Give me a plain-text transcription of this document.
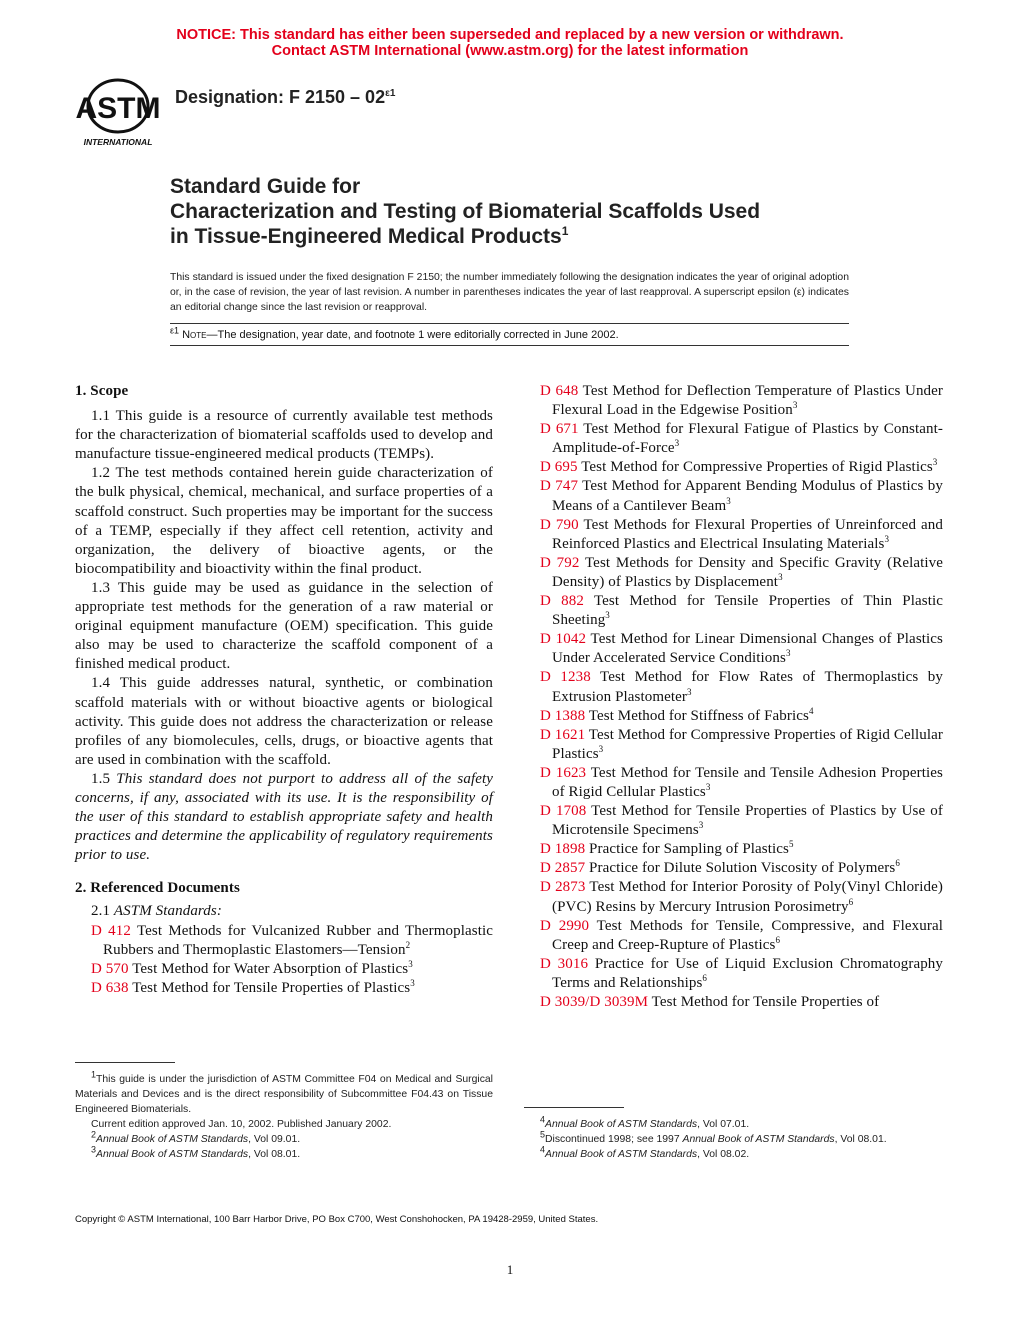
NOTICE: This standard has either been superseded and replaced by a new version or withdrawn.
Contact ASTM International (www.astm.org) for the latest information
ASTM
INTERNATIONAL
Designation: F $2150 - 02^{\varepsilon 1}$
Standard Guide for
Characterization and Testing of Biomaterial Scaffolds Used
in Tissue-Engineered Medical Products$^1$
This standard is issued under the fixed designation F 2150; the number immediately following the designation indicates the year of original adoption or, in the case of revision, the year of last revision. A number in parentheses indicates the year of last reapproval. A superscript epsilon (ε) indicates an editorial change since the last revision or reapproval.
$^{\varepsilon 1}$ Note—The designation, year date, and footnote 1 were editorially corrected in June 2002.
1. Scope

1.1 This guide is a resource of currently available test methods for the characterization of biomaterial scaffolds used to develop and manufacture tissue-engineered medical products (TEMPs).

1.2 The test methods contained herein guide characterization of the bulk physical, chemical, mechanical, and surface properties of a scaffold construct. Such properties may be important for the success of a TEMP, especially if they affect cell retention, activity and organization, the delivery of bioactive agents, or the biocompatibility and bioactivity within the final product.

1.3 This guide may be used as guidance in the selection of appropriate test methods for the generation of a raw material or original equipment manufacture (OEM) specification. This guide also may be used to characterize the scaffold component of a finished medical product.

1.4 This guide addresses natural, synthetic, or combination scaffold materials with or without bioactive agents or biological activity. This guide does not address the characterization or release profiles of any biomolecules, cells, drugs, or bioactive agents that are used in combination with the scaffold.

1.5 This standard does not purport to address all of the safety concerns, if any, associated with its use. It is the responsibility of the user of this standard to establish appropriate safety and health practices and determine the applicability of regulatory requirements prior to use.

2. Referenced Documents

2.1 ASTM Standards:

D 412 Test Methods for Vulcanized Rubber and Thermoplastic Rubbers and Thermoplastic Elastomers—Tension$^2$

D 570 Test Method for Water Absorption of Plastics$^3$

D 638 Test Method for Tensile Properties of Plastics$^3$

D 648 Test Method for Deflection Temperature of Plastics Under Flexural Load in the Edgewise Position$^3$

D 671 Test Method for Flexural Fatigue of Plastics by Constant-Amplitude-of-Force$^3$

D 695 Test Method for Compressive Properties of Rigid Plastics$^3$

D 747 Test Method for Apparent Bending Modulus of Plastics by Means of a Cantilever Beam$^3$

D 790 Test Methods for Flexural Properties of Unreinforced and Reinforced Plastics and Electrical Insulating Materials$^3$

D 792 Test Methods for Density and Specific Gravity (Relative Density) of Plastics by Displacement$^3$

D 882 Test Method for Tensile Properties of Thin Plastic Sheeting$^3$

D 1042 Test Method for Linear Dimensional Changes of Plastics Under Accelerated Service Conditions$^3$

D 1238 Test Method for Flow Rates of Thermoplastics by Extrusion Plastometer$^3$

D 1388 Test Method for Stiffness of Fabrics$^4$

D 1621 Test Method for Compressive Properties of Rigid Cellular Plastics$^3$

D 1623 Test Method for Tensile and Tensile Adhesion Properties of Rigid Cellular Plastics$^3$

D 1708 Test Method for Tensile Properties of Plastics by Use of Microtensile Specimens$^3$

D 1898 Practice for Sampling of Plastics$^5$

D 2857 Practice for Dilute Solution Viscosity of Polymers$^6$

D 2873 Test Method for Interior Porosity of Poly(Vinyl Chloride) (PVC) Resins by Mercury Intrusion Porosimetry$^6$

D 2990 Test Methods for Tensile, Compressive, and Flexural Creep and Creep-Rupture of Plastics$^6$

D 3016 Practice for Use of Liquid Exclusion Chromatography Terms and Relationships$^6$

D 3039/D 3039M Test Method for Tensile Properties of

$^1$This guide is under the jurisdiction of ASTM Committee F04 on Medical and Surgical Materials and Devices and is the direct responsibility of Subcommittee F04.43 on Tissue Engineered Biomaterials.

Current edition approved Jan. 10, 2002. Published January 2002.

$^2$Annual Book of ASTM Standards, Vol 09.01.

$^3$Annual Book of ASTM Standards, Vol 08.01.

$^4$Annual Book of ASTM Standards, Vol 07.01.

$^5$Discontinued 1998; see 1997 Annual Book of ASTM Standards, Vol 08.01.

$^4$Annual Book of ASTM Standards, Vol 08.02.

Copyright © ASTM International, 100 Barr Harbor Drive, PO Box C700, West Conshohocken, PA 19428-2959, United States.
1
